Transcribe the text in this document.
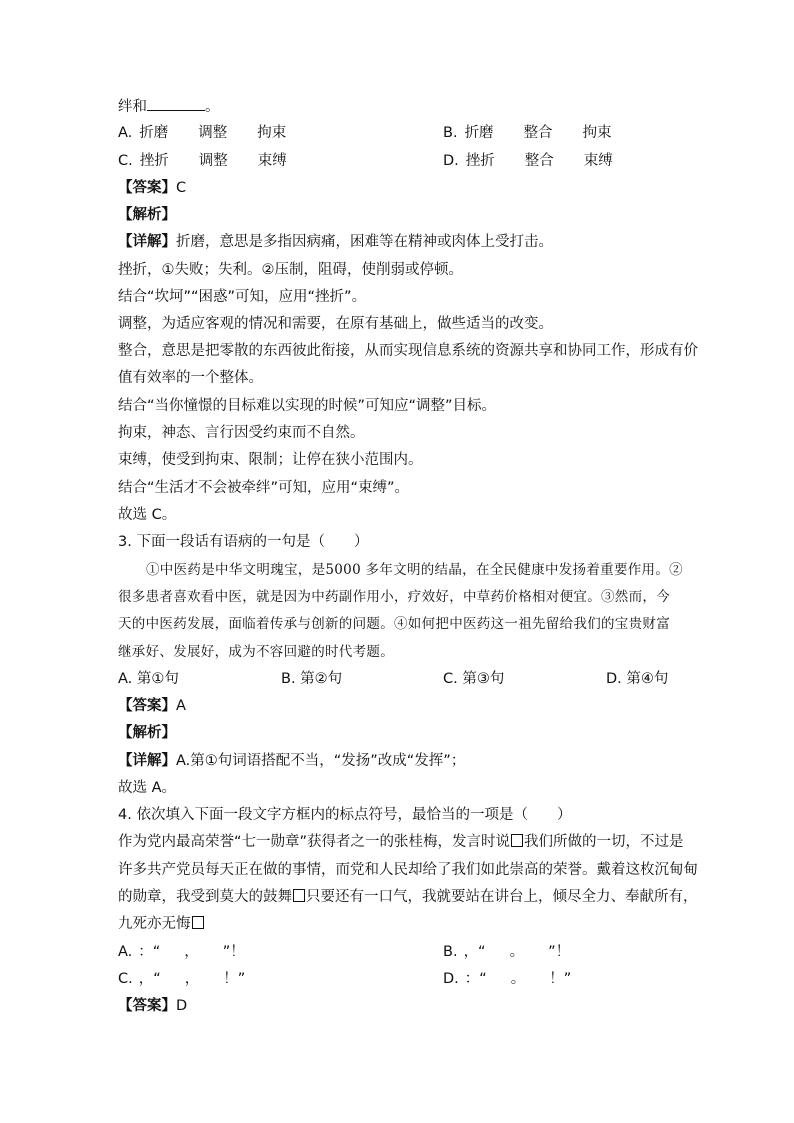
绊和	。
A. 折磨 调整 拘束	B. 折磨 整合 拘束
C. 挫折 调整 束缚	D. 挫折 整合 束缚
【答案】C
【解析】
【详解】折磨，意思是多指因病痛，困难等在精神或肉体上受打击。
挫折，①失败；失利。②压制，阻碍，使削弱或停顿。
结合“坎坷”“困惑”可知，应用“挫折”。
调整，为适应客观的情况和需要，在原有基础上，做些适当的改变。
整合，意思是把零散的东西彼此衔接，从而实现信息系统的资源共享和协同工作，形成有价
值有效率的一个整体。
结合“当你憧憬的目标难以实现的时候”可知应“调整”目标。
拘束，神态、言行因受约束而不自然。
束缚，使受到拘束、限制；让停在狭小范围内。
结合“生活才不会被牵绊”可知，应用“束缚”。
故选 C。
3. 下面一段话有语病的一句是（　　）
①中医药是中华文明瑰宝，是5000 多年文明的结晶，在全民健康中发扬着重要作用。②
很多患者喜欢看中医，就是因为中药副作用小，疗效好，中草药价格相对便宜。③然而，今
天的中医药发展，面临着传承与创新的问题。④如何把中医药这一祖先留给我们的宝贵财富
继承好、发展好，成为不容回避的时代考题。
A. 第①句	B. 第②句	C. 第③句	D. 第④句
【答案】A
【解析】
【详解】A.第①句词语搭配不当，“发扬”改成“发挥”；
故选 A。
4. 依次填入下面一段文字方框内的标点符号，最恰当的一项是（　　）
作为党内最高荣誉“七一勋章”获得者之一的张桂梅，发言时说 我们所做的一切，不过是
许多共产党员每天正在做的事情，而党和人民却给了我们如此崇高的荣誉。戴着这枚沉甸甸
的勋章，我受到莫大的鼓舞 只要还有一口气，我就要站在讲台上，倾尽全力、奉献所有，
九死亦无悔
A. ：“ ， ”！	B. ，“ 。 ”！
C. ，“ ， ！”	D. ：“ 。 ！”
【答案】D
